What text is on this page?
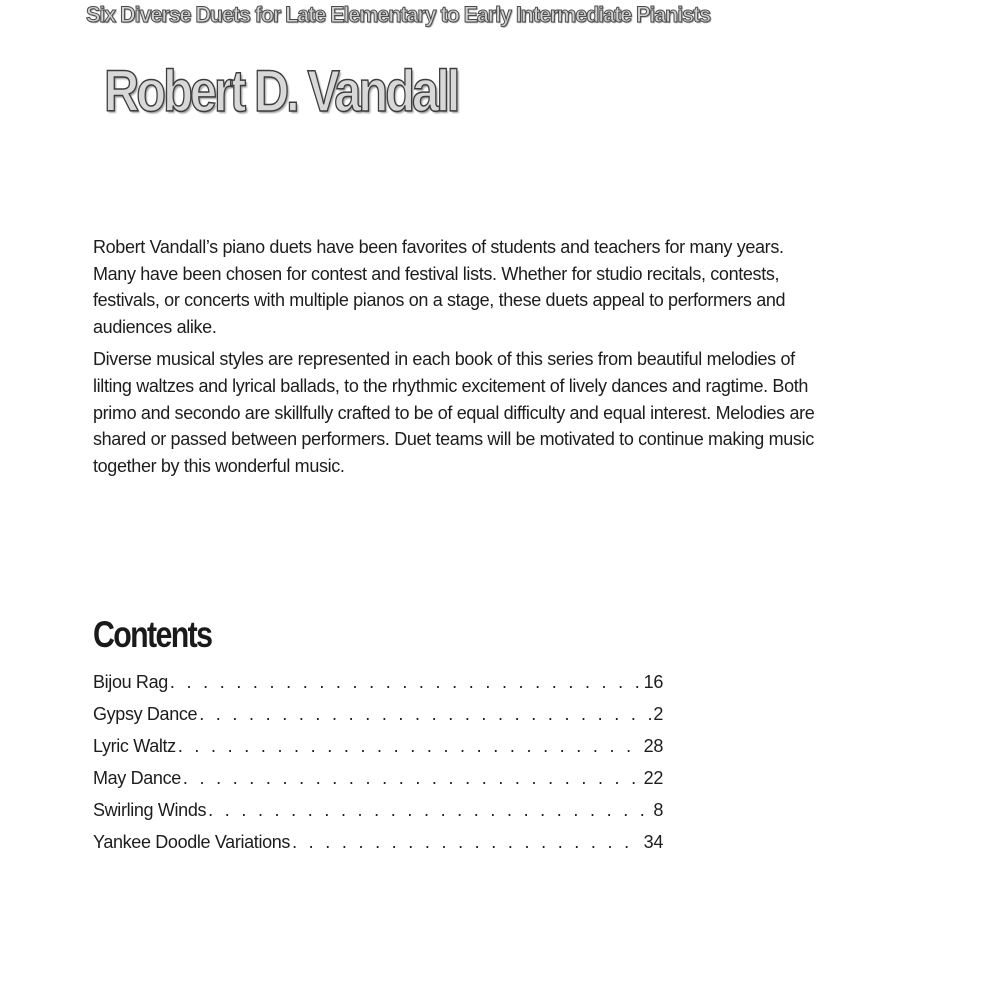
Six Diverse Duets for Late Elementary to Early Intermediate Pianists
Robert D. Vandall

Robert Vandall’s piano duets have been favorites of students and teachers for many years. Many have been chosen for contest and festival lists. Whether for studio recitals, contests, festivals, or concerts with multiple pianos on a stage, these duets appeal to performers and audiences alike.

Diverse musical styles are represented in each book of this series from beautiful melodies of lilting waltzes and lyrical ballads, to the rhythmic excitement of lively dances and ragtime. Both primo and secondo are skillfully crafted to be of equal difficulty and equal interest. Melodies are shared or passed between performers. Duet teams will be motivated to continue making music together by this wonderful music.

Contents
Bijou Rag . . .	16
Gypsy Dance . . .	2
Lyric Waltz . . .	28
May Dance . . .	22
Swirling Winds . . .	8
Yankee Doodle Variations . . .	34
